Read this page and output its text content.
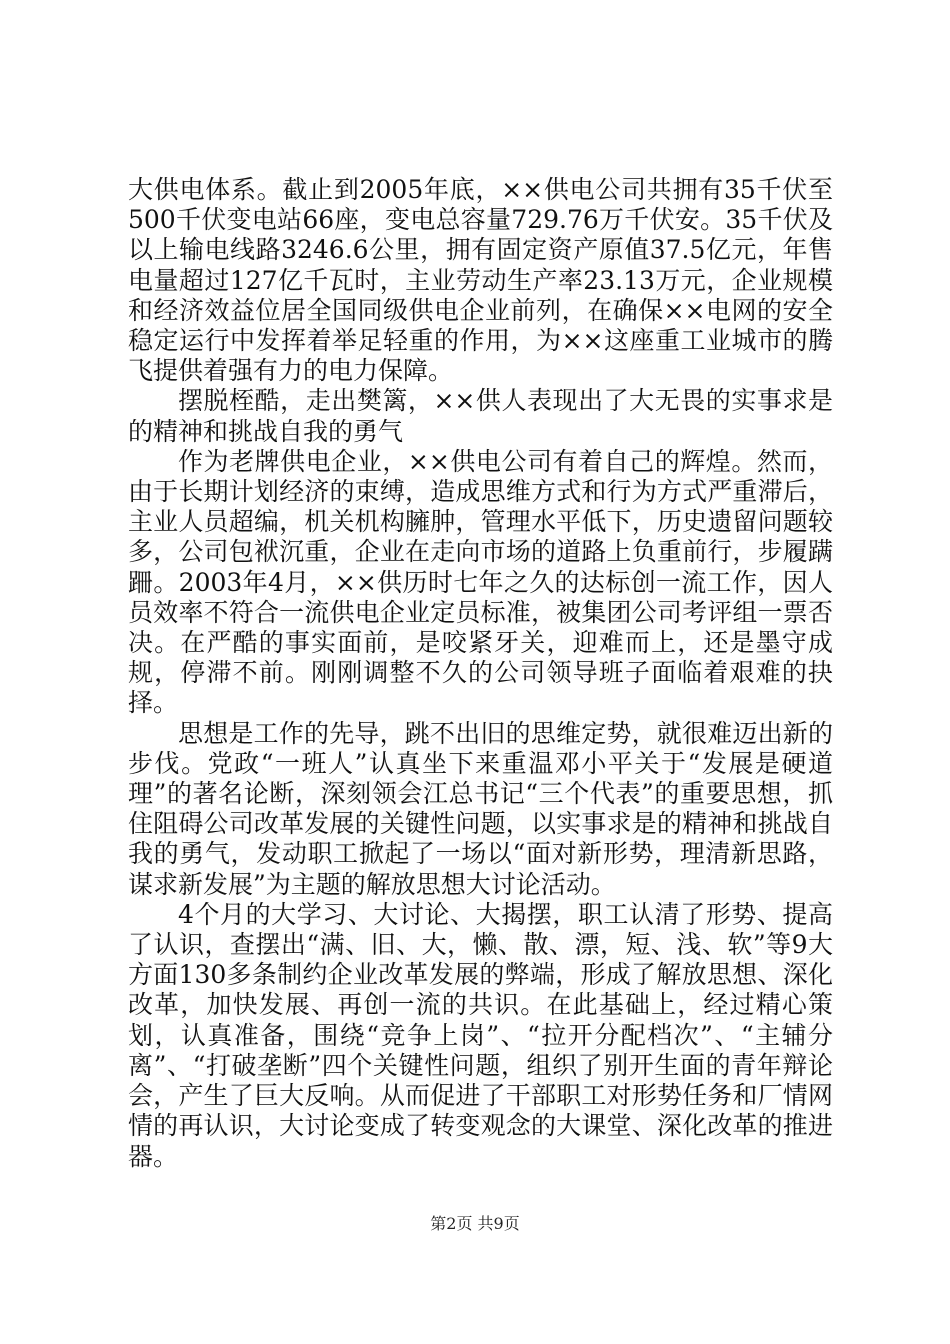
大供电体系。截止到2005年底，××供电公司共拥有35千伏至500千伏变电站66座，变电总容量729.76万千伏安。35千伏及以上输电线路3246.6公里，拥有固定资产原值37.5亿元，年售电量超过127亿千瓦时，主业劳动生产率23.13万元，企业规模和经济效益位居全国同级供电企业前列，在确保××电网的安全稳定运行中发挥着举足轻重的作用，为××这座重工业城市的腾飞提供着强有力的电力保障。

摆脱桎酷，走出樊篱，××供人表现出了大无畏的实事求是的精神和挑战自我的勇气

作为老牌供电企业，××供电公司有着自己的辉煌。然而，由于长期计划经济的束缚，造成思维方式和行为方式严重滞后，主业人员超编，机关机构臃肿，管理水平低下，历史遗留问题较多，公司包袱沉重，企业在走向市场的道路上负重前行，步履蹒跚。2003年4月，××供历时七年之久的达标创一流工作，因人员效率不符合一流供电企业定员标准，被集团公司考评组一票否决。在严酷的事实面前，是咬紧牙关，迎难而上，还是墨守成规，停滞不前。刚刚调整不久的公司领导班子面临着艰难的抉择。

思想是工作的先导，跳不出旧的思维定势，就很难迈出新的步伐。党政“一班人”认真坐下来重温邓小平关于“发展是硬道理”的著名论断，深刻领会江总书记“三个代表”的重要思想，抓住阻碍公司改革发展的关键性问题，以实事求是的精神和挑战自我的勇气，发动职工掀起了一场以“面对新形势，理清新思路，谋求新发展”为主题的解放思想大讨论活动。

4个月的大学习、大讨论、大揭摆，职工认清了形势、提高了认识，查摆出“满、旧、大，懒、散、漂，短、浅、软”等9大方面130多条制约企业改革发展的弊端，形成了解放思想、深化改革，加快发展、再创一流的共识。在此基础上，经过精心策划，认真准备，围绕“竞争上岗”、“拉开分配档次”、“主辅分离”、“打破垄断”四个关键性问题，组织了别开生面的青年辩论会，产生了巨大反响。从而促进了干部职工对形势任务和厂情网情的再认识，大讨论变成了转变观念的大课堂、深化改革的推进器。

第2页 共9页
